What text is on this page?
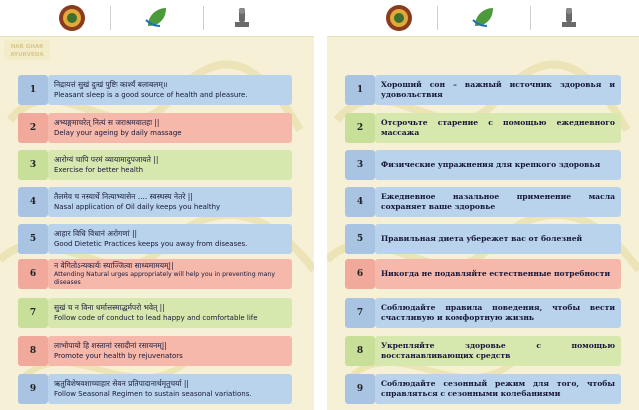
HAR GHAR
AYURVEDA
1
निद्रायत्तं सुखं दुःखं पुष्टिः कार्श्यं बलाबलम्॥
Pleasant sleep is a good source of health and pleasure.
2
अभ्यङ्गमाचरेत् नित्यं स जराश्रमवातहा ||
Delay your ageing by daily massage
3
आरोग्यं चापि परमं व्यायामादुपजायते ||
Exercise for better health
4
तैलमेव च नस्यार्थे नित्याभ्यासेन .... स्वस्थस्य नेतरे ||
Nasal application of Oil daily keeps you healthy
5
आहार विधि विधानं अरोगणां ||
Good Dietetic Practices keeps you away from diseases.
6
न वेगितोऽन्यकार्यः स्याज्जित्वा साध्यमामयम्||
Attending Natural urges appropriately will help you in preventing many diseases
7
सुखं च न विना धर्मात्तस्माद्धर्मपरो भवेत् ||
Follow code of conduct to lead happy and comfortable life
8
लाभोपायो हि शस्तानां रसादीनां रसायनम्||
Promote your health by rejuvenators
9
ऋतुविशेषवशाच्चाहार सेवन प्रतिपादानार्थमृतुचर्या ||
Follow Seasonal Regimen to sustain seasonal variations.
1
Хороший сон – важный источник здоровья и удовольствия
2
Отсрочьте старение с помощью ежедневного массажа
3	Физические упражнения для крепкого здоровья
4
Ежедневное назальное применение масла сохраняет ваше здоровье
5	Правильная диета убережет вас от болезней
6	Никогда не подавляйте естественные потребности
7
Соблюдайте правила поведения, чтобы вести счастливую и комфортную жизнь
8
Укрепляйте здоровье с помощью восстанавливающих средств
9
Соблюдайте сезонный режим для того, чтобы справляться с сезонными колебаниями
